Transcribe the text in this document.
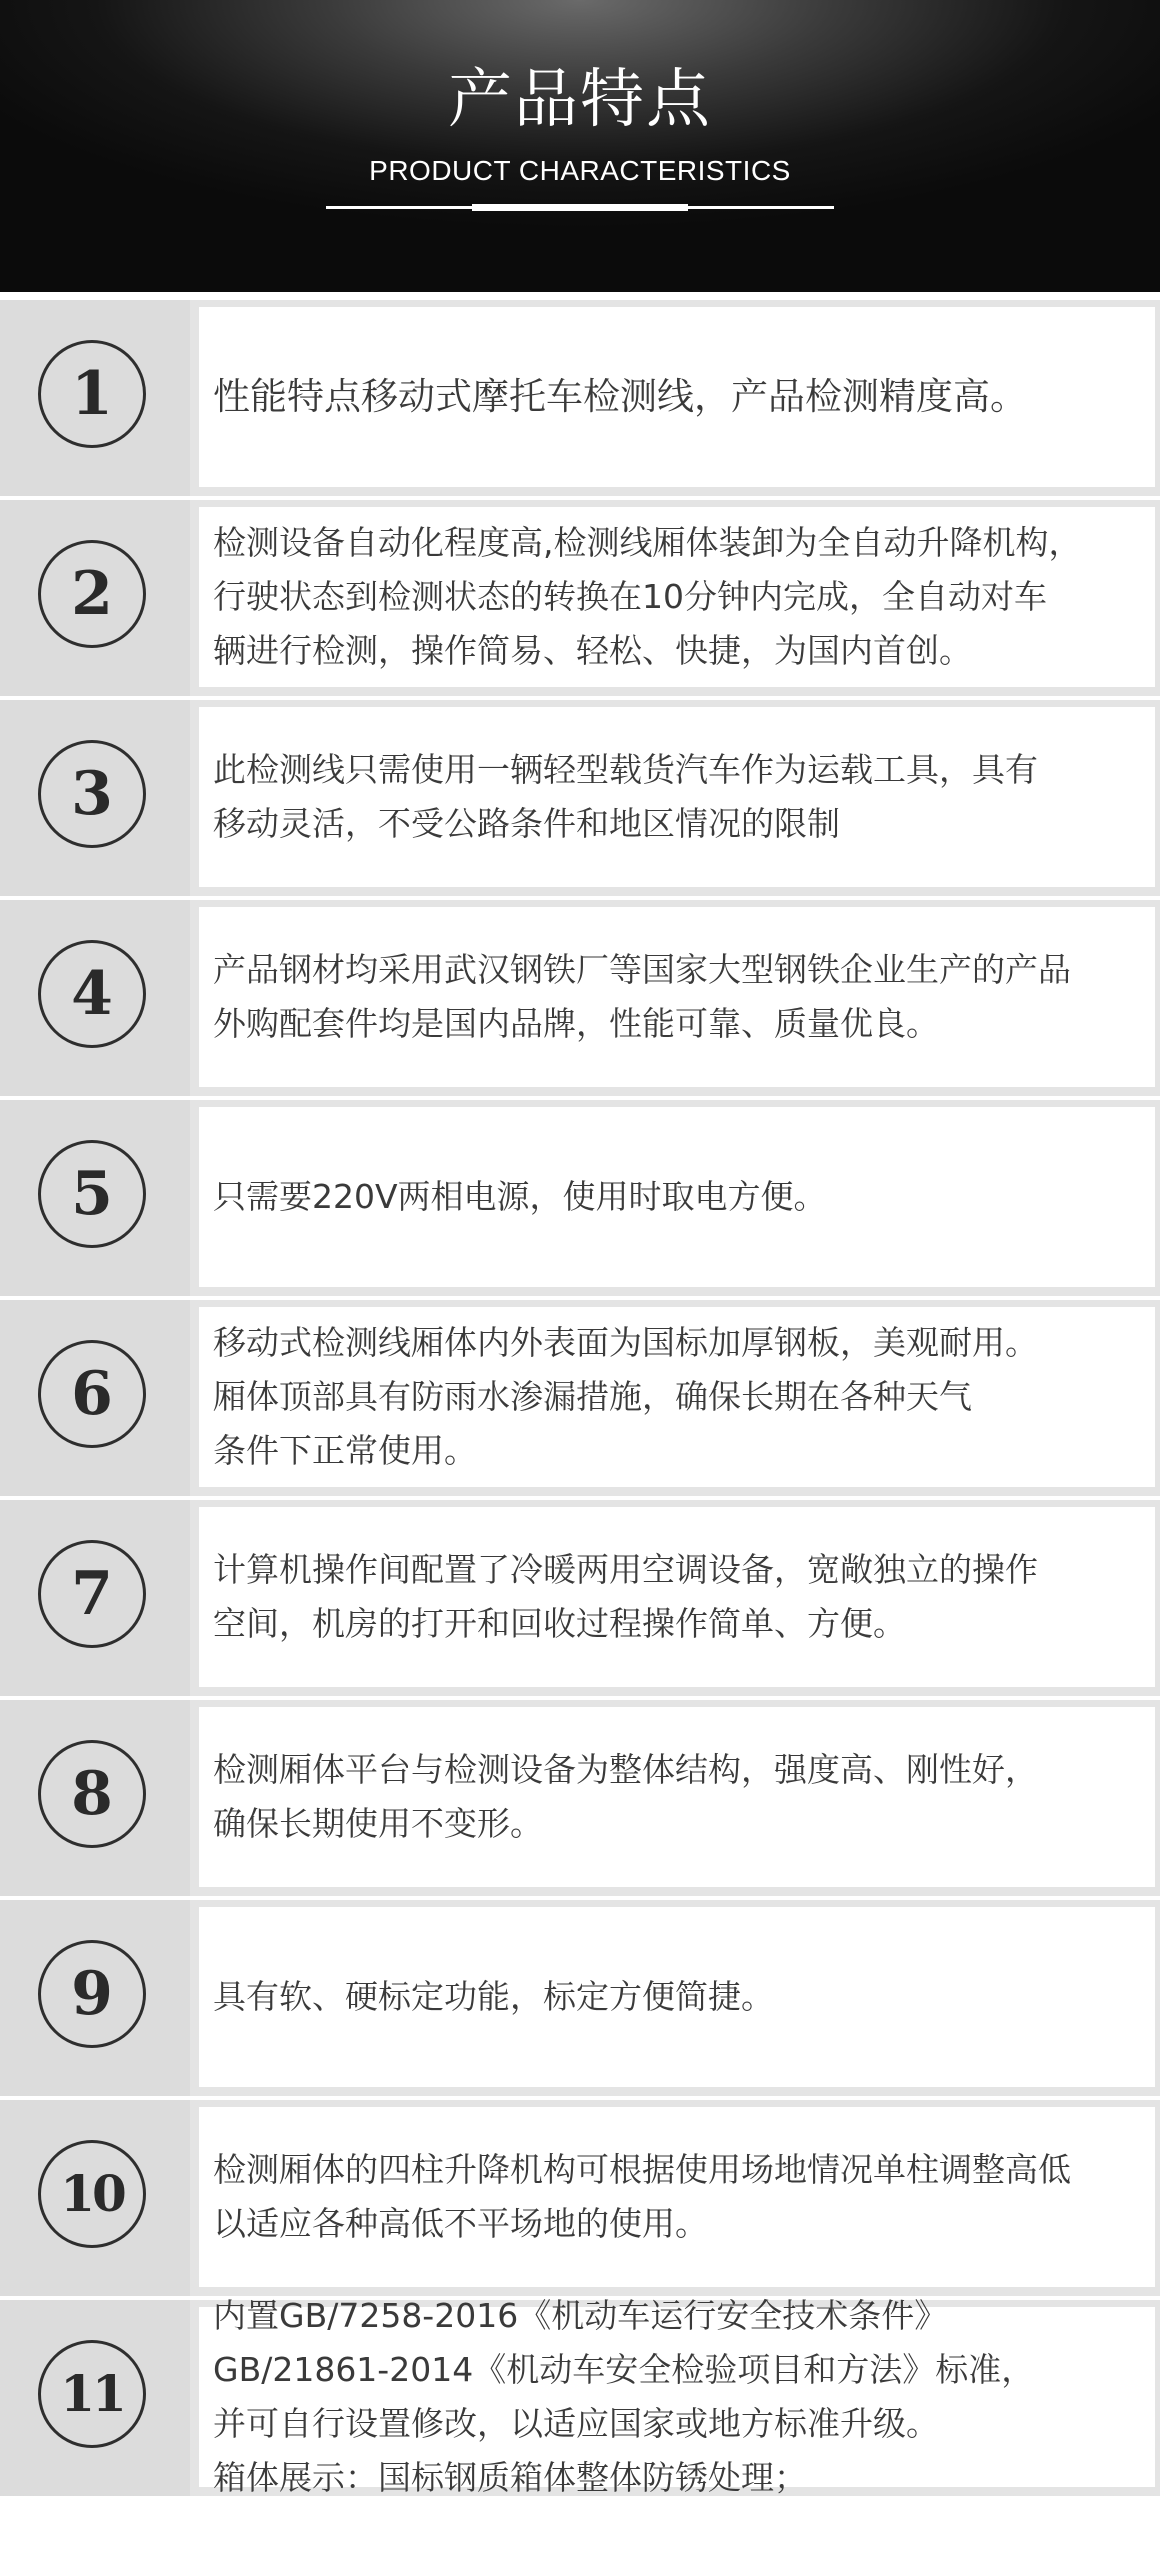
产品特点
PRODUCT CHARACTERISTICS
1	性能特点移动式摩托车检测线，产品检测精度高。
2
检测设备自动化程度高,检测线厢体装卸为全自动升降机构，
行驶状态到检测状态的转换在10分钟内完成，全自动对车
辆进行检测，操作简易、轻松、快捷，为国内首创。
3	此检测线只需使用一辆轻型载货汽车作为运载工具，具有
移动灵活，不受公路条件和地区情况的限制
4	产品钢材均采用武汉钢铁厂等国家大型钢铁企业生产的产品
外购配套件均是国内品牌，性能可靠、质量优良。
5	只需要220V两相电源，使用时取电方便。
6
移动式检测线厢体内外表面为国标加厚钢板，美观耐用。
厢体顶部具有防雨水渗漏措施，确保长期在各种天气
条件下正常使用。
7	计算机操作间配置了冷暖两用空调设备，宽敞独立的操作
空间，机房的打开和回收过程操作简单、方便。
8	检测厢体平台与检测设备为整体结构，强度高、刚性好，
确保长期使用不变形。
9	具有软、硬标定功能，标定方便简捷。
10	检测厢体的四柱升降机构可根据使用场地情况单柱调整高低
以适应各种高低不平场地的使用。
11
内置GB/7258-2016《机动车运行安全技术条件》
GB/21861-2014《机动车安全检验项目和方法》标准，
并可自行设置修改，以适应国家或地方标准升级。
箱体展示：国标钢质箱体整体防锈处理；
